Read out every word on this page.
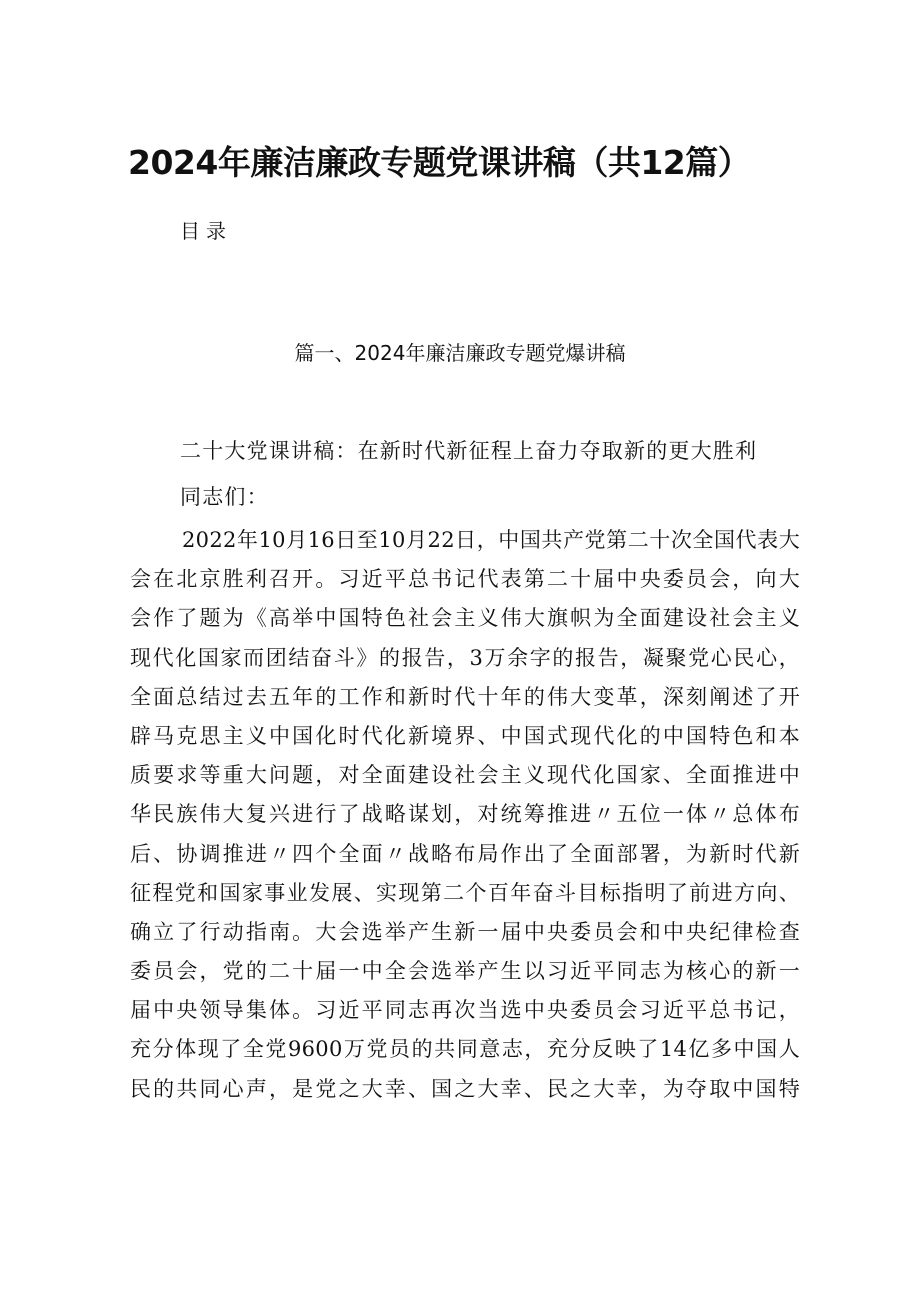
2024年廉洁廉政专题党课讲稿（共12篇）
目录
篇一、2024年廉洁廉政专题党爆讲稿
二十大党课讲稿：在新时代新征程上奋力夺取新的更大胜利
同志们：
2022年10月16日至10月22日，中国共产党第二十次全国代表大
会在北京胜利召开。习近平总书记代表第二十届中央委员会，向大
会作了题为《高举中国特色社会主义伟大旗帜为全面建设社会主义
现代化国家而团结奋斗》的报告，3万余字的报告，凝聚党心民心，
全面总结过去五年的工作和新时代十年的伟大变革，深刻阐述了开
辟马克思主义中国化时代化新境界、中国式现代化的中国特色和本
质要求等重大问题，对全面建设社会主义现代化国家、全面推进中
华民族伟大复兴进行了战略谋划，对统筹推进〃五位一体〃总体布
后、协调推进〃四个全面〃战略布局作出了全面部署，为新时代新
征程党和国家事业发展、实现第二个百年奋斗目标指明了前进方向、
确立了行动指南。大会选举产生新一届中央委员会和中央纪律检查
委员会，党的二十届一中全会选举产生以习近平同志为核心的新一
届中央领导集体。习近平同志再次当选中央委员会习近平总书记，
充分体现了全党9600万党员的共同意志，充分反映了14亿多中国人
民的共同心声，是党之大幸、国之大幸、民之大幸，为夺取中国特
